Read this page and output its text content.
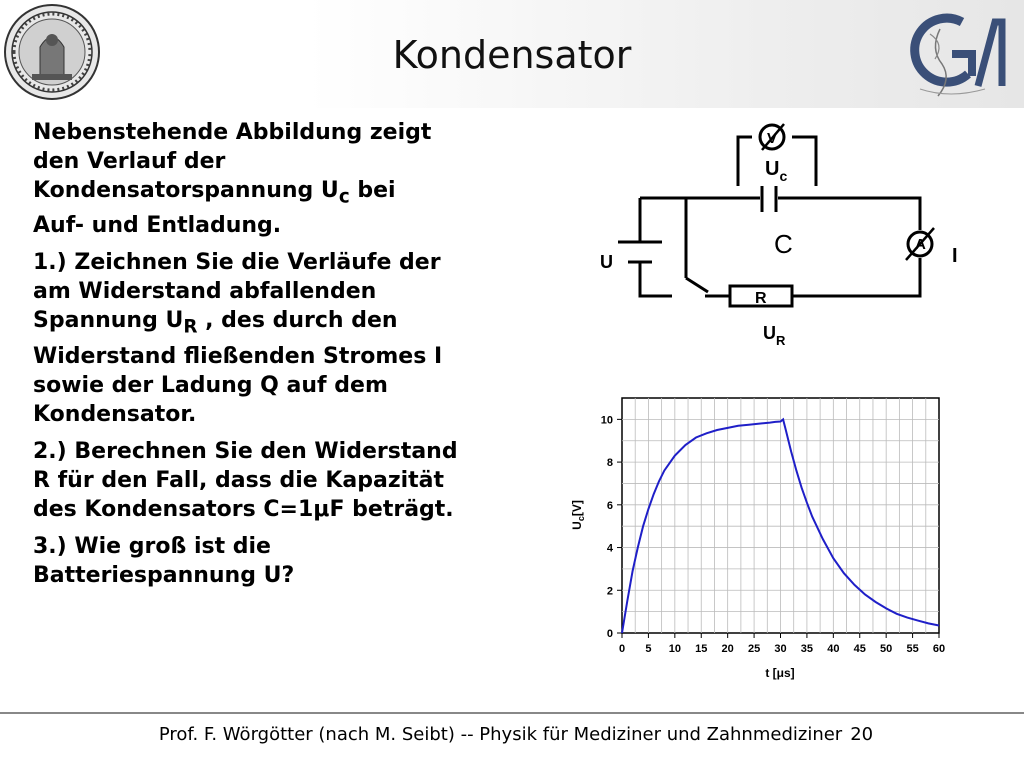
Kondensator

Nebenstehende Abbildung zeigt
den Verlauf der
Kondensatorspannung $U_c$ bei
Auf- und Entladung.

1.) Zeichnen Sie die Verläufe der
am Widerstand abfallenden
Spannung $U_R$ , des durch den
Widerstand fließenden Stromes I
sowie der Ladung Q auf dem
Kondensator.

2.) Berechnen Sie den Widerstand
R für den Fall, dass die Kapazität
des Kondensators C=1μF beträgt.

3.) Wie groß ist die
Batteriespannung U?

V
$U_c$
C	A
I
U
R
$U_R$
0 5 10 15 20 25 30 35 40 45 50 55 60
0
2
4
6
8
10
t [μs]
$U_c[V]$
Prof. F. Wörgötter (nach M. Seibt) -- Physik für Mediziner und Zahnmediziner 20
